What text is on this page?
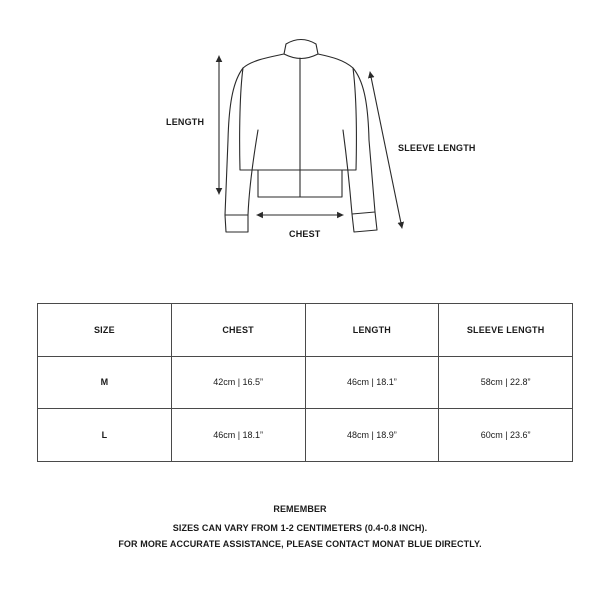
LENGTH
SLEEVE LENGTH
CHEST
SIZE	CHEST	LENGTH	SLEEVE LENGTH
M	42cm | 16.5”	46cm | 18.1”	58cm | 22.8”
L	46cm | 18.1”	48cm | 18.9”	60cm | 23.6”
REMEMBER
SIZES CAN VARY FROM 1-2 CENTIMETERS (0.4-0.8 INCH).
FOR MORE ACCURATE ASSISTANCE, PLEASE CONTACT MONAT BLUE DIRECTLY.
